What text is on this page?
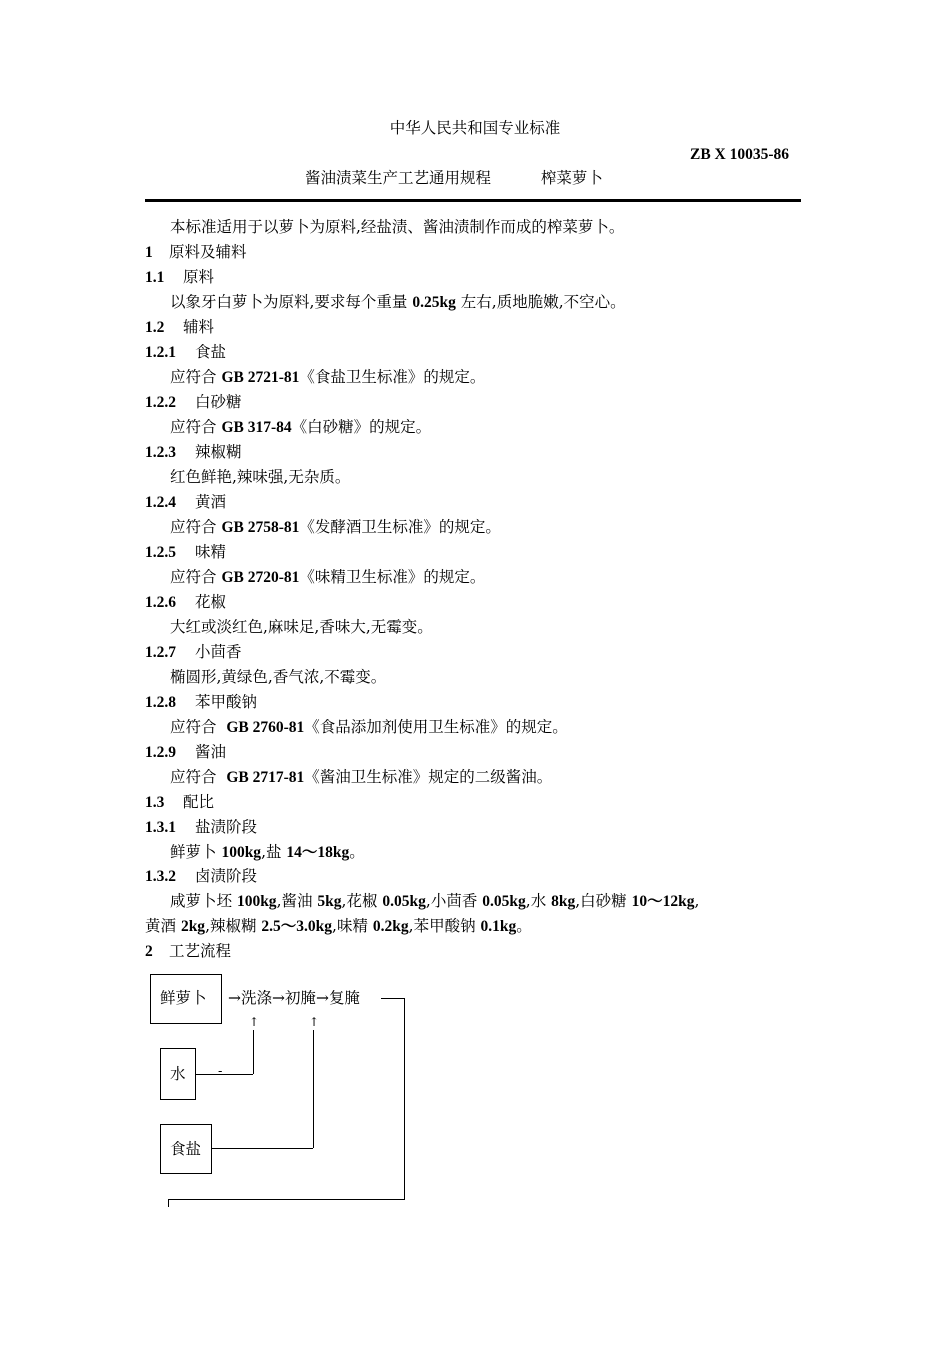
中华人民共和国专业标准
ZB X 10035-86
酱油渍菜生产工艺通用规程	榨菜萝卜
本标准适用于以萝卜为原料,经盐渍、酱油渍制作而成的榨菜萝卜。
1 原料及辅料
1.1 原料
以象牙白萝卜为原料,要求每个重量 0.25kg 左右,质地脆嫩,不空心。
1.2 辅料
1.2.1 食盐
应符合 GB 2721-81《食盐卫生标准》的规定。
1.2.2 白砂糖
应符合 GB 317-84《白砂糖》的规定。
1.2.3 辣椒糊
红色鲜艳,辣味强,无杂质。
1.2.4 黄酒
应符合 GB 2758-81《发酵酒卫生标准》的规定。
1.2.5 味精
应符合 GB 2720-81《味精卫生标准》的规定。
1.2.6 花椒
大红或淡红色,麻味足,香味大,无霉变。
1.2.7 小茴香
椭圆形,黄绿色,香气浓,不霉变。
1.2.8 苯甲酸钠
应符合  GB 2760-81《食品添加剂使用卫生标准》的规定。
1.2.9 酱油
应符合  GB 2717-81《酱油卫生标准》规定的二级酱油。
1.3 配比
1.3.1 盐渍阶段
鲜萝卜 100kg,盐 14～18kg。
1.3.2 卤渍阶段
咸萝卜坯 100kg,酱油 5kg,花椒 0.05kg,小茴香 0.05kg,水 8kg,白砂糖 10～12kg,
黄酒 2kg,辣椒糊 2.5～3.0kg,味精 0.2kg,苯甲酸钠 0.1kg。
2 工艺流程
鲜萝卜 →洗涤→初腌→复腌
↑	↑
水 -
食盐
